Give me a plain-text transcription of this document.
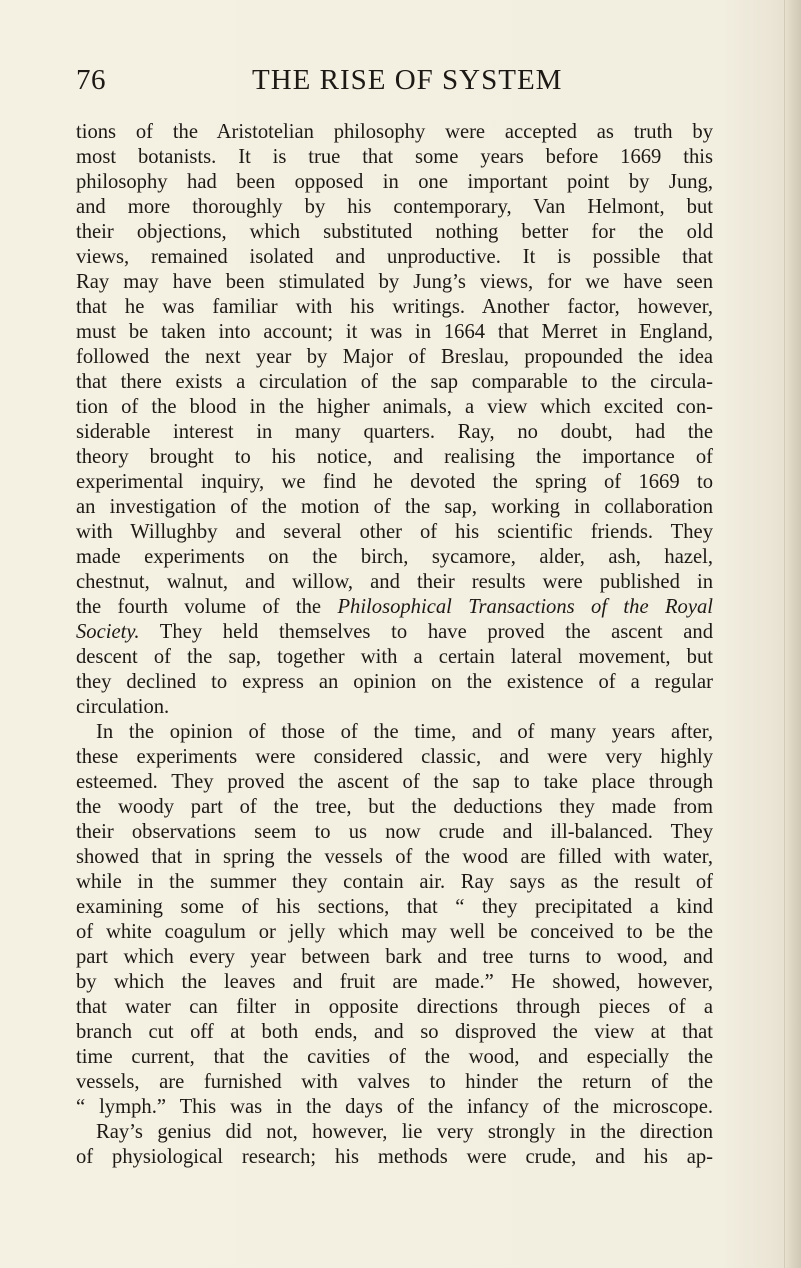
76	THE RISE OF SYSTEM
tions of the Aristotelian philosophy were accepted as truth by
most botanists. It is true that some years before 1669 this
philosophy had been opposed in one important point by Jung,
and more thoroughly by his contemporary, Van Helmont, but
their objections, which substituted nothing better for the old
views, remained isolated and unproductive. It is possible that
Ray may have been stimulated by Jung’s views, for we have seen
that he was familiar with his writings. Another factor, however,
must be taken into account; it was in 1664 that Merret in England,
followed the next year by Major of Breslau, propounded the idea
that there exists a circulation of the sap comparable to the circula-
tion of the blood in the higher animals, a view which excited con-
siderable interest in many quarters. Ray, no doubt, had the
theory brought to his notice, and realising the importance of
experimental inquiry, we find he devoted the spring of 1669 to
an investigation of the motion of the sap, working in collaboration
with Willughby and several other of his scientific friends. They
made experiments on the birch, sycamore, alder, ash, hazel,
chestnut, walnut, and willow, and their results were published in
the fourth volume of the Philosophical Transactions of the Royal
Society. They held themselves to have proved the ascent and
descent of the sap, together with a certain lateral movement, but
they declined to express an opinion on the existence of a regular
circulation.
In the opinion of those of the time, and of many years after,
these experiments were considered classic, and were very highly
esteemed. They proved the ascent of the sap to take place through
the woody part of the tree, but the deductions they made from
their observations seem to us now crude and ill-balanced. They
showed that in spring the vessels of the wood are filled with water,
while in the summer they contain air. Ray says as the result of
examining some of his sections, that “ they precipitated a kind
of white coagulum or jelly which may well be conceived to be the
part which every year between bark and tree turns to wood, and
by which the leaves and fruit are made.” He showed, however,
that water can filter in opposite directions through pieces of a
branch cut off at both ends, and so disproved the view at that
time current, that the cavities of the wood, and especially the
vessels, are furnished with valves to hinder the return of the
“ lymph.” This was in the days of the infancy of the microscope.
Ray’s genius did not, however, lie very strongly in the direction
of physiological research; his methods were crude, and his ap-
